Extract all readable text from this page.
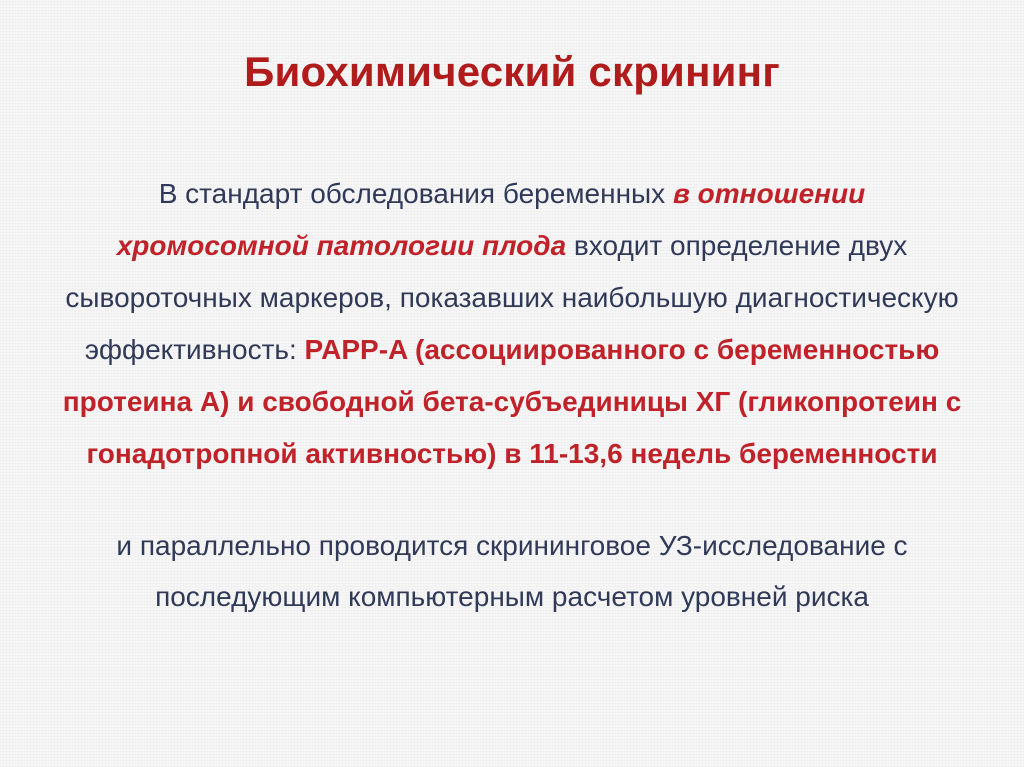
Биохимический скрининг
В стандарт обследования беременных в отношении хромосомной патологии плода входит определение двух сывороточных маркеров, показавших наибольшую диагностическую эффективность: PAPP-A (ассоциированного с беременностью протеина А) и свободной бета-субъединицы ХГ (гликопротеин с гонадотропной активностью) в 11-13,6 недель беременности
и параллельно проводится скрининговое УЗ-исследование с последующим компьютерным расчетом уровней риска
